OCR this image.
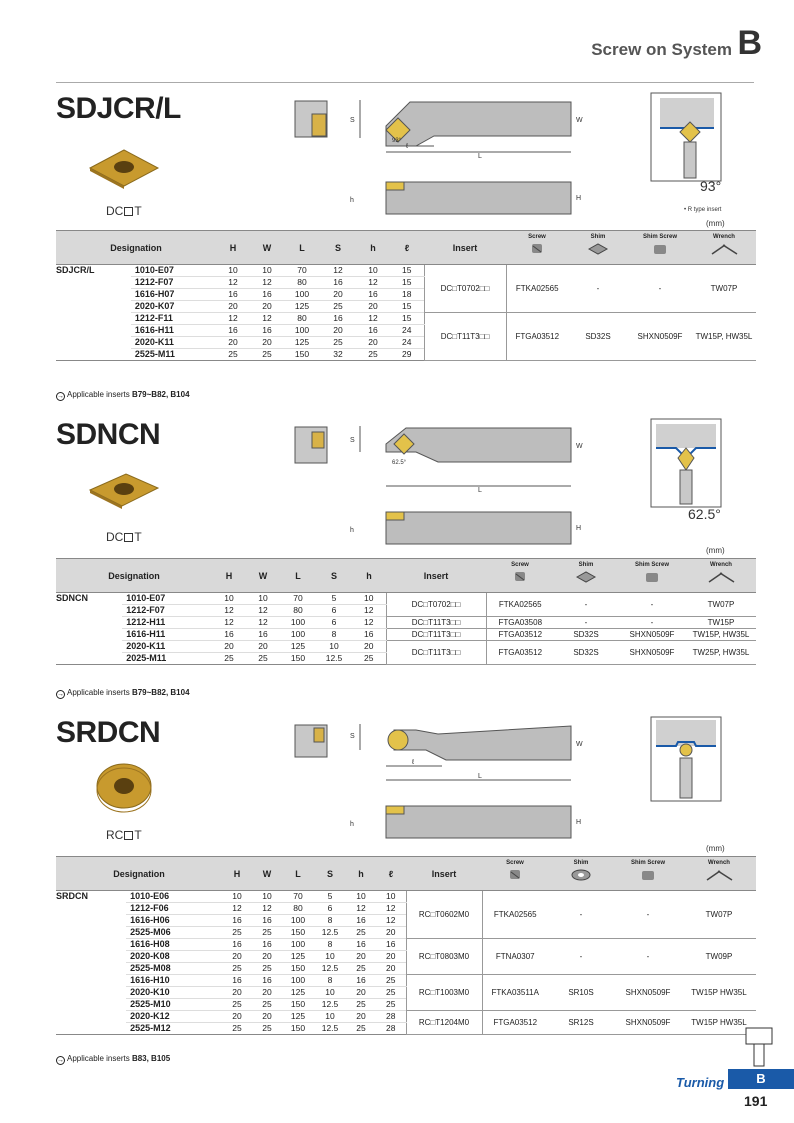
Screw on System B
SDJCR/L
DC T
S	W
L
ℓ
93°
h	H
93°
• R type insert
(mm)
Designation		H	W	L	S	h	ℓ	Insert	Screw	Shim	Shim Screw	Wrench

SDJCR/L	1010-E07	10	10	70	12	10	15	DC□T0702□□	FTKA02565	-	-	TW07P
	1212-F07	12	12	80	16	12	15					
	1616-H07	16	16	100	20	16	18					
	2020-K07	20	20	125	25	20	15					
	1212-F11	12	12	80	16	12	15	DC□T11T3□□	FTGA03512	SD32S	SHXN0509F	TW15P, HW35L
	1616-H11	16	16	100	20	16	24					
	2020-K11	20	20	125	25	20	24					
	2525-M11	25	25	150	32	25	29					
→ Applicable inserts B79~B82, B104
SDNCN
DC T
S
W
L
62.5°
h	H
62.5°
(mm)
Designation		H	W	L	S	h	Insert	Screw	Shim	Shim Screw	Wrench

SDNCN	1010-E07	10	10	70	5	10	DC□T0702□□	FTKA02565	-	-	TW07P
	1212-F07	12	12	80	6	12					
	1212-H11	12	12	100	6	12	DC□T11T3□□	FTGA03508	-	-	TW15P
	1616-H11	16	16	100	8	16	DC□T11T3□□	FTGA03512	SD32S	SHXN0509F	TW15P, HW35L
	2020-K11	20	20	125	10	20	DC□T11T3□□	FTGA03512	SD32S	SHXN0509F	TW25P, HW35L
	2025-M11	25	25	150	12.5	25					
→ Applicable inserts B79~B82, B104
SRDCN
RC T
S
W
ℓ
L
h	H
(mm)
Designation		H	W	L	S	h	ℓ	Insert	Screw	Shim	Shim Screw	Wrench

SRDCN	1010-E06	10	10	70	5	10	10	RC□T0602M0	FTKA02565	-	-	TW07P
	1212-F06	12	12	80	6	12	12					
	1616-H06	16	16	100	8	16	12					
	2525-M06	25	25	150	12.5	25	20					
	1616-H08	16	16	100	8	16	16	RC□T0803M0	FTNA0307	-	-	TW09P
	2020-K08	20	20	125	10	20	20					
	2525-M08	25	25	150	12.5	25	20					
	1616-H10	16	16	100	8	16	25	RC□T1003M0	FTKA03511A	SR10S	SHXN0509F	TW15P HW35L
	2020-K10	20	20	125	10	20	25					
	2525-M10	25	25	150	12.5	25	25					
	2020-K12	20	20	125	10	20	28	RC□T1204M0	FTGA03512	SR12S	SHXN0509F	TW15P HW35L
	2525-M12	25	25	150	12.5	25	28					
→ Applicable inserts B83, B105
Turning	B
191
